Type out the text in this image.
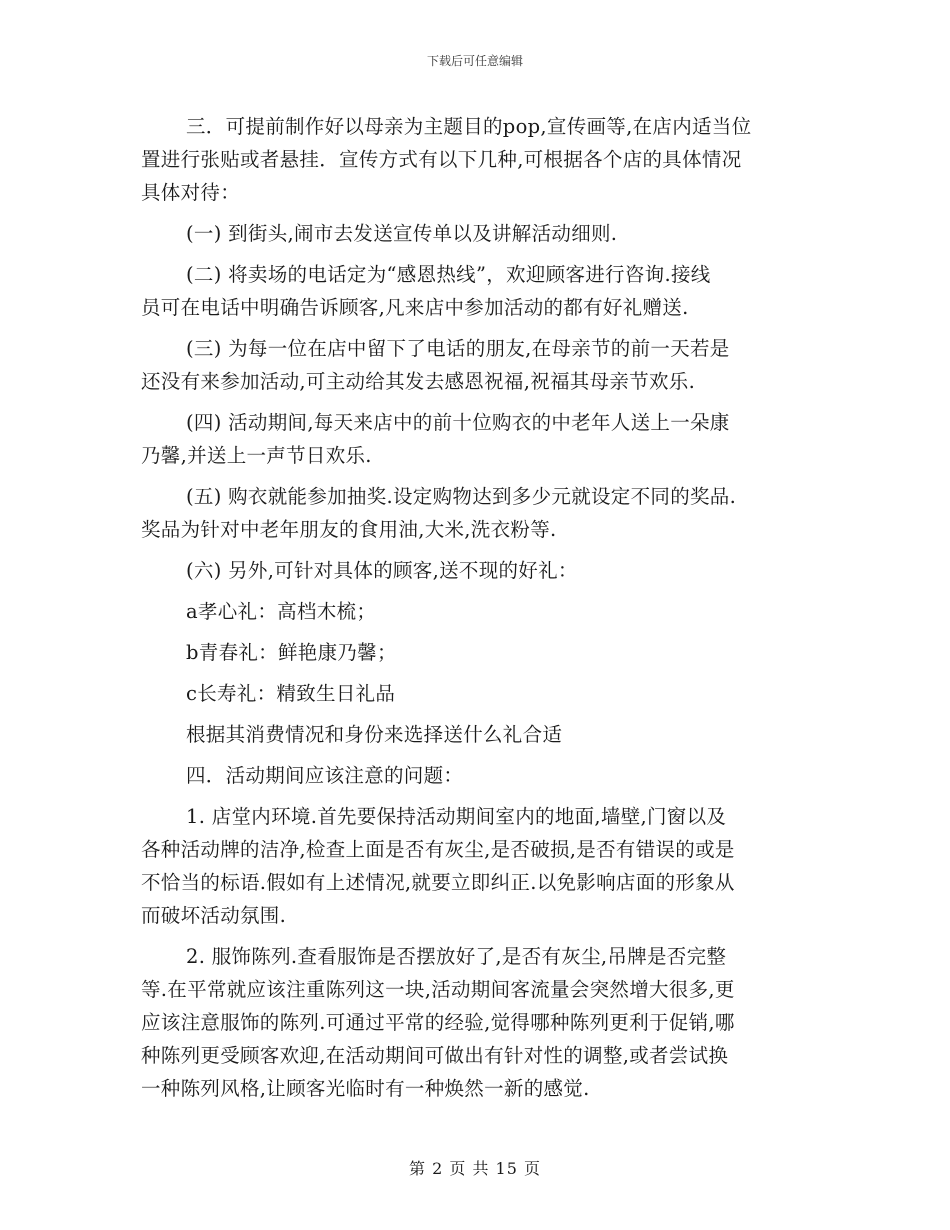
下载后可任意编辑
三．可提前制作好以母亲为主题目的pop,宣传画等,在店内适当位
置进行张贴或者悬挂．宣传方式有以下几种,可根据各个店的具体情况
具体对待：
(一) 到街头,闹市去发送宣传单以及讲解活动细则.
(二) 将卖场的电话定为“感恩热线”，欢迎顾客进行咨询.接线
员可在电话中明确告诉顾客,凡来店中参加活动的都有好礼赠送.
(三) 为每一位在店中留下了电话的朋友,在母亲节的前一天若是
还没有来参加活动,可主动给其发去感恩祝福,祝福其母亲节欢乐.
(四) 活动期间,每天来店中的前十位购衣的中老年人送上一朵康
乃馨,并送上一声节日欢乐.
(五) 购衣就能参加抽奖.设定购物达到多少元就设定不同的奖品.
奖品为针对中老年朋友的食用油,大米,洗衣粉等.
(六) 另外,可针对具体的顾客,送不现的好礼：
a孝心礼：高档木梳；
b青春礼：鲜艳康乃馨；
c长寿礼：精致生日礼品
根据其消费情况和身份来选择送什么礼合适
四．活动期间应该注意的问题：
1. 店堂内环境.首先要保持活动期间室内的地面,墙壁,门窗以及
各种活动牌的洁净,检查上面是否有灰尘,是否破损,是否有错误的或是
不恰当的标语.假如有上述情况,就要立即纠正.以免影响店面的形象从
而破坏活动氛围.
2. 服饰陈列.查看服饰是否摆放好了,是否有灰尘,吊牌是否完整
等.在平常就应该注重陈列这一块,活动期间客流量会突然增大很多,更
应该注意服饰的陈列.可通过平常的经验,觉得哪种陈列更利于促销,哪
种陈列更受顾客欢迎,在活动期间可做出有针对性的调整,或者尝试换
一种陈列风格,让顾客光临时有一种焕然一新的感觉.
第 2 页 共 15 页
